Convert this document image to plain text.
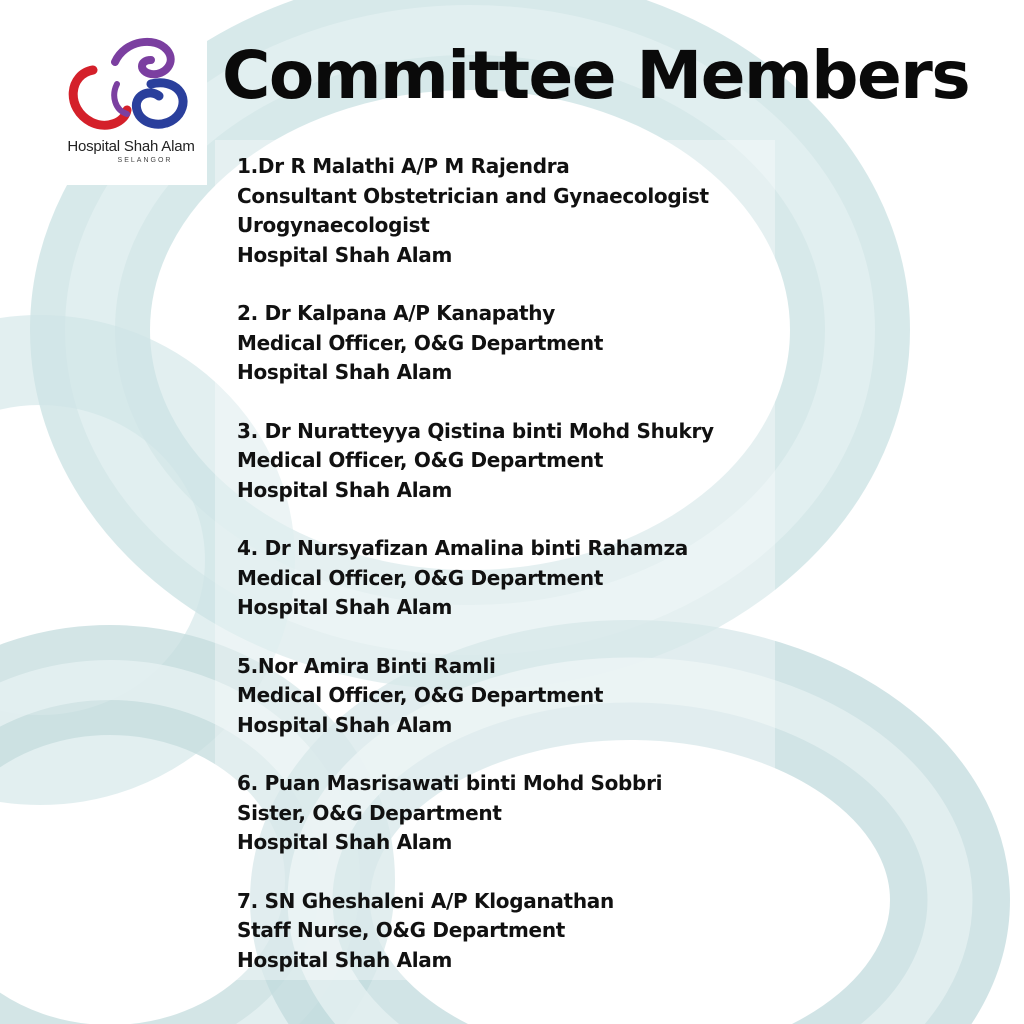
Hospital Shah Alam
SELANGOR
Committee Members
1.Dr R Malathi A/P M Rajendra
Consultant Obstetrician and Gynaecologist
Urogynaecologist
Hospital Shah Alam
2. Dr Kalpana A/P Kanapathy
Medical Officer, O&G Department
Hospital Shah Alam
3. Dr Nuratteyya Qistina binti Mohd Shukry
Medical Officer, O&G Department
Hospital Shah Alam
4. Dr Nursyafizan Amalina binti Rahamza
Medical Officer, O&G Department
Hospital Shah Alam
5.Nor Amira Binti Ramli
Medical Officer, O&G Department
Hospital Shah Alam
6. Puan Masrisawati binti Mohd Sobbri
Sister, O&G Department
Hospital Shah Alam
7. SN Gheshaleni A/P Kloganathan
Staff Nurse, O&G Department
Hospital Shah Alam
